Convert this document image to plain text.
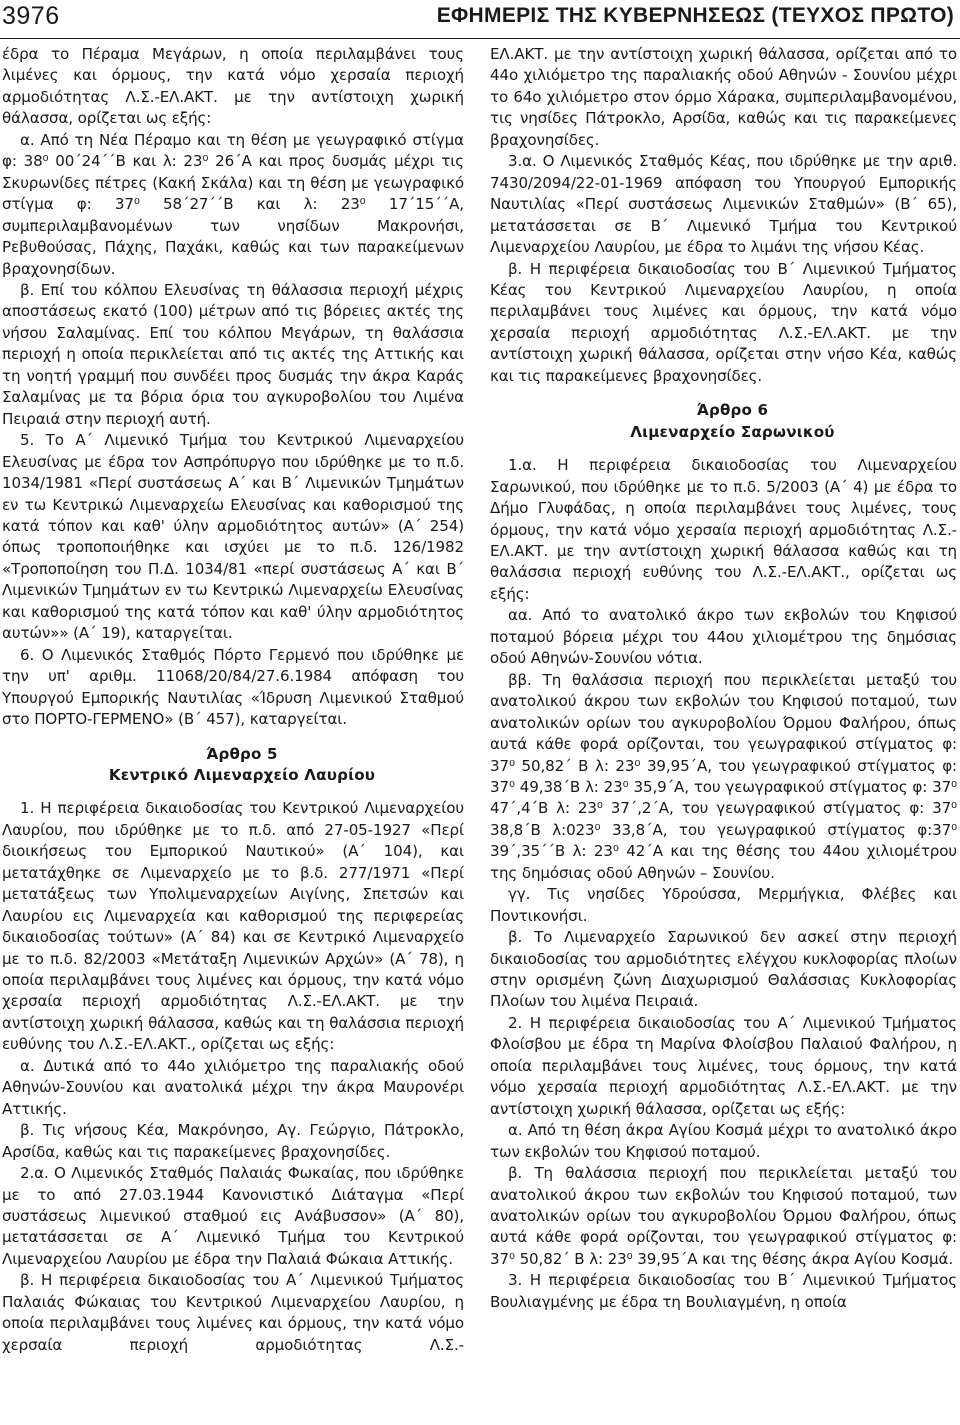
3976	ΕΦΗΜΕΡΙΣ ΤΗΣ ΚΥΒΕΡΝΗΣΕΩΣ (ΤΕΥΧΟΣ ΠΡΩΤΟ)

έδρα το Πέραμα Μεγάρων, η οποία περιλαμβάνει τους λιμένες και όρμους, την κατά νόμο χερσαία περιοχή αρμοδιότητας Λ.Σ.-ΕΛ.ΑΚΤ. με την αντίστοιχη χωρική θάλασσα, ορίζεται ως εξής:

α. Από τη Νέα Πέραμο και τη θέση με γεωγραφικό στίγμα φ: 38⁰ 00΄24΄΄Β και λ: 23⁰ 26΄Α και προς δυσμάς μέχρι τις Σκυρωνίδες πέτρες (Κακή Σκάλα) και τη θέση με γεωγραφικό στίγμα φ: 37⁰ 58΄27΄΄Β και λ: 23⁰ 17΄15΄΄Α, συμπεριλαμβανομένων των νησίδων Μακρονήσι, Ρεβυθούσας, Πάχης, Παχάκι, καθώς και των παρακείμενων βραχονησίδων.

β. Επί του κόλπου Ελευσίνας τη θάλασσια περιοχή μέχρις αποστάσεως εκατό (100) μέτρων από τις βόρειες ακτές της νήσου Σαλαμίνας. Επί του κόλπου Μεγάρων, τη θαλάσσια περιοχή η οποία περικλείεται από τις ακτές της Αττικής και τη νοητή γραμμή που συνδέει προς δυσμάς την άκρα Καράς Σαλαμίνας με τα βόρια όρια του αγκυροβολίου του Λιμένα Πειραιά στην περιοχή αυτή.

5. Το Α΄ Λιμενικό Τμήμα του Κεντρικού Λιμεναρχείου Ελευσίνας με έδρα τον Ασπρόπυργο που ιδρύθηκε με το π.δ. 1034/1981 «Περί συστάσεως Α΄ και Β΄ Λιμενικών Τμημάτων εν τω Κεντρικώ Λιμεναρχείω Ελευσίνας και καθορισμού της κατά τόπον και καθ' ύλην αρμοδιότητος αυτών» (Α΄ 254) όπως τροποποιήθηκε και ισχύει με το π.δ. 126/1982 «Τροποποίηση του Π.Δ. 1034/81 «περί συστάσεως Α΄ και Β΄ Λιμενικών Τμημάτων εν τω Κεντρικώ Λιμεναρχείω Ελευσίνας και καθορισμού της κατά τόπον και καθ' ύλην αρμοδιότητος αυτών»» (Α΄ 19), καταργείται.

6. Ο Λιμενικός Σταθμός Πόρτο Γερμενό που ιδρύθηκε με την υπ' αριθμ. 11068/20/84/27.6.1984 απόφαση του Υπουργού Εμπορικής Ναυτιλίας «Ίδρυση Λιμενικού Σταθμού στο ΠΟΡΤΟ-ΓΕΡΜΕΝΟ» (Β΄ 457), καταργείται.

Άρθρο 5

Κεντρικό Λιμεναρχείο Λαυρίου

1. Η περιφέρεια δικαιοδοσίας του Κεντρικού Λιμεναρχείου Λαυρίου, που ιδρύθηκε με το π.δ. από 27-05-1927 «Περί διοικήσεως του Εμπορικού Ναυτικού» (Α΄ 104), και μετατάχθηκε σε Λιμεναρχείο με το β.δ. 277/1971 «Περί μετατάξεως των Υπολιμεναρχείων Αιγίνης, Σπετσών και Λαυρίου εις Λιμεναρχεία και καθορισμού της περιφερείας δικαιοδοσίας τούτων» (Α΄ 84) και σε Κεντρικό Λιμεναρχείο με το π.δ. 82/2003 «Μετάταξη Λιμενικών Αρχών» (Α΄ 78), η οποία περιλαμβάνει τους λιμένες και όρμους, την κατά νόμο χερσαία περιοχή αρμοδιότητας Λ.Σ.-ΕΛ.ΑΚΤ. με την αντίστοιχη χωρική θάλασσα, καθώς και τη θαλάσσια περιοχή ευθύνης του Λ.Σ.-ΕΛ.ΑΚΤ., ορίζεται ως εξής:

α. Δυτικά από το 44ο χιλιόμετρο της παραλιακής οδού Αθηνών-Σουνίου και ανατολικά μέχρι την άκρα Μαυρονέρι Αττικής.

β. Τις νήσους Κέα, Μακρόνησο, Αγ. Γεώργιο, Πάτροκλο, Αρσίδα, καθώς και τις παρακείμενες βραχονησίδες.

2.α. Ο Λιμενικός Σταθμός Παλαιάς Φωκαίας, που ιδρύθηκε με το από 27.03.1944 Κανονιστικό Διάταγμα «Περί συστάσεως λιμενικού σταθμού εις Ανάβυσσον» (Α΄ 80), μετατάσσεται σε Α΄ Λιμενικό Τμήμα του Κεντρικού Λιμεναρχείου Λαυρίου με έδρα την Παλαιά Φώκαια Αττικής.

β. Η περιφέρεια δικαιοδοσίας του Α΄ Λιμενικού Τμήματος Παλαιάς Φώκαιας του Κεντρικού Λιμεναρχείου Λαυρίου, η οποία περιλαμβάνει τους λιμένες και όρμους, την κατά νόμο χερσαία περιοχή αρμοδιότητας Λ.Σ.-

ΕΛ.ΑΚΤ. με την αντίστοιχη χωρική θάλασσα, ορίζεται από το 44ο χιλιόμετρο της παραλιακής οδού Αθηνών - Σουνίου μέχρι το 64ο χιλιόμετρο στον όρμο Χάρακα, συμπεριλαμβανομένου, τις νησίδες Πάτροκλο, Αρσίδα, καθώς και τις παρακείμενες βραχονησίδες.

3.α. Ο Λιμενικός Σταθμός Κέας, που ιδρύθηκε με την αριθ. 7430/2094/22-01-1969 απόφαση του Υπουργού Εμπορικής Ναυτιλίας «Περί συστάσεως Λιμενικών Σταθμών» (Β΄ 65), μετατάσσεται σε Β΄ Λιμενικό Τμήμα του Κεντρικού Λιμεναρχείου Λαυρίου, με έδρα το λιμάνι της νήσου Κέας.

β. Η περιφέρεια δικαιοδοσίας του Β΄ Λιμενικού Τμήματος Κέας του Κεντρικού Λιμεναρχείου Λαυρίου, η οποία περιλαμβάνει τους λιμένες και όρμους, την κατά νόμο χερσαία περιοχή αρμοδιότητας Λ.Σ.-ΕΛ.ΑΚΤ. με την αντίστοιχη χωρική θάλασσα, ορίζεται στην νήσο Κέα, καθώς και τις παρακείμενες βραχονησίδες.

Άρθρο 6

Λιμεναρχείο Σαρωνικού

1.α. Η περιφέρεια δικαιοδοσίας του Λιμεναρχείου Σαρωνικού, που ιδρύθηκε με το π.δ. 5/2003 (Α΄ 4) με έδρα το Δήμο Γλυφάδας, η οποία περιλαμβάνει τους λιμένες, τους όρμους, την κατά νόμο χερσαία περιοχή αρμοδιότητας Λ.Σ.-ΕΛ.ΑΚΤ. με την αντίστοιχη χωρική θάλασσα καθώς και τη θαλάσσια περιοχή ευθύνης του Λ.Σ.-ΕΛ.ΑΚΤ., ορίζεται ως εξής:

αα. Από το ανατολικό άκρο των εκβολών του Κηφισού ποταμού βόρεια μέχρι του 44ου χιλιομέτρου της δημόσιας οδού Αθηνών-Σουνίου νότια.

ββ. Τη θαλάσσια περιοχή που περικλείεται μεταξύ του ανατολικού άκρου των εκβολών του Κηφισού ποταμού, των ανατολικών ορίων του αγκυροβολίου Όρμου Φαλήρου, όπως αυτά κάθε φορά ορίζονται, του γεωγραφικού στίγματος φ: 37⁰ 50,82΄ Β λ: 23⁰ 39,95΄Α, του γεωγραφικού στίγματος φ: 37⁰ 49,38΄Β λ: 23⁰ 35,9΄Α, του γεωγραφικού στίγματος φ: 37⁰ 47΄,4΄Β λ: 23⁰ 37΄,2΄Α, του γεωγραφικού στίγματος φ: 37⁰ 38,8΄Β λ:023⁰ 33,8΄Α, του γεωγραφικού στίγματος φ:37⁰ 39΄,35΄΄Β λ: 23⁰ 42΄Α και της θέσης του 44ου χιλιομέτρου της δημόσιας οδού Αθηνών – Σουνίου.

γγ. Τις νησίδες Υδρούσσα, Μερμήγκια, Φλέβες και Ποντικονήσι.

β. Το Λιμεναρχείο Σαρωνικού δεν ασκεί στην περιοχή δικαιοδοσίας του αρμοδιότητες ελέγχου κυκλοφορίας πλοίων στην ορισμένη ζώνη Διαχωρισμού Θαλάσσιας Κυκλοφορίας Πλοίων του λιμένα Πειραιά.

2. Η περιφέρεια δικαιοδοσίας του Α΄ Λιμενικού Τμήματος Φλοίσβου με έδρα τη Μαρίνα Φλοίσβου Παλαιού Φαλήρου, η οποία περιλαμβάνει τους λιμένες, τους όρμους, την κατά νόμο χερσαία περιοχή αρμοδιότητας Λ.Σ.-ΕΛ.ΑΚΤ. με την αντίστοιχη χωρική θάλασσα, ορίζεται ως εξής:

α. Από τη θέση άκρα Αγίου Κοσμά μέχρι το ανατολικό άκρο των εκβολών του Κηφισού ποταμού.

β. Τη θαλάσσια περιοχή που περικλείεται μεταξύ του ανατολικού άκρου των εκβολών του Κηφισού ποταμού, των ανατολικών ορίων του αγκυροβολίου Όρμου Φαλήρου, όπως αυτά κάθε φορά ορίζονται, του γεωγραφικού στίγματος φ: 37⁰ 50,82΄ Β λ: 23⁰ 39,95΄Α και της θέσης άκρα Αγίου Κοσμά.

3. Η περιφέρεια δικαιοδοσίας του Β΄ Λιμενικού Τμήματος Βουλιαγμένης με έδρα τη Βουλιαγμένη, η οποία
